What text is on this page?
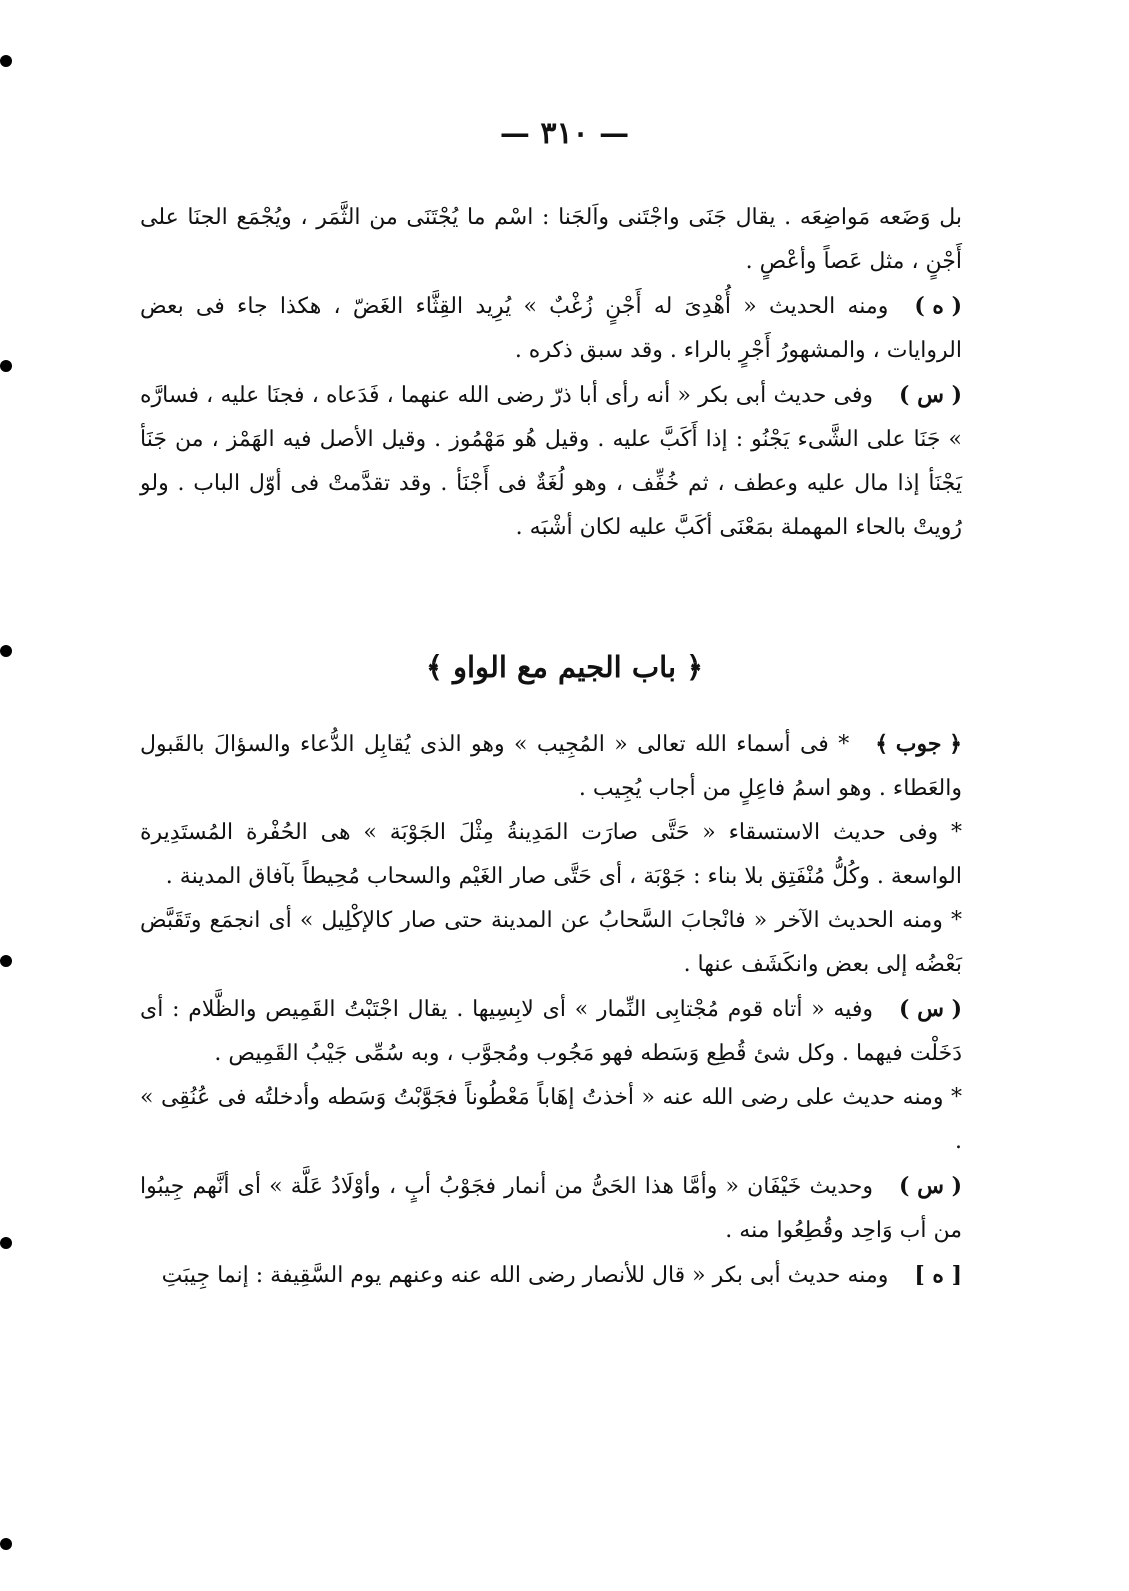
— ٣١٠ —

بل وَضَعه مَواضِعَه . يقال جَنَى واجْتَنى واَلجَنا : اسْم ما يُجْتَنَى من الثَّمَر ، ويُجْمَع الجنَا على أَجْنٍ ، مثل عَصاً وأعْصٍ .

( ه )ومنه الحديث « أُهْدِىَ له أَجْنٍ زُغْبٌ » يُرِيد القِثَّاء الغَضّ ، هكذا جاء فى بعض الروايات ، والمشهورُ أَجْرٍ بالراء . وقد سبق ذكره .

( س )وفى حديث أبى بكر « أنه رأى أبا ذرّ رضى الله عنهما ، فَدَعاه ، فجنَا عليه ، فسارَّه » جَنَا على الشَّىء يَجْنُو : إذا أَكَبَّ عليه . وقيل هُو مَهْمُوز . وقيل الأصل فيه الهَمْز ، من جَنَأ يَجْنَأ إذا مال عليه وعطف ، ثم خُفِّف ، وهو لُغَةٌ فى أَجْنَأ . وقد تقدَّمتْ فى أوّل الباب . ولو رُويتْ بالحاء المهملة بمَعْنَى أكَبَّ عليه لكان أشْبَه .

﴿ باب الجيم مع الواو ﴾

﴿ جوب ﴾* فى أسماء الله تعالى « المُجِيب » وهو الذى يُقابِل الدُّعاء والسؤالَ بالقَبول والعَطاء . وهو اسمُ فاعِلٍ من أجاب يُجِيب .

* وفى حديث الاستسقاء « حَتَّى صارَت المَدِينةُ مِثْلَ الجَوْبَة » هى الحُفْرة المُستَدِيرة الواسعة . وكُلُّ مُنْفَتِق بلا بناء : جَوْبَة ، أى حَتَّى صار الغَيْم والسحاب مُحِيطاً بآفاق المدينة .

* ومنه الحديث الآخر « فانْجابَ السَّحابُ عن المدينة حتى صار كالإكْلِيل » أى انجمَع وتَقَبَّض بَعْضُه إلى بعض وانكَشَف عنها .

( س )وفيه « أتاه قوم مُجْتابِى النِّمار » أى لابِسِيها . يقال اجْتَبْتُ القَمِيص والظَّلام : أى دَخَلْت فيهما . وكل شئ قُطِع وَسَطه فهو مَجُوب ومُجوَّب ، وبه سُمِّى جَيْبُ القَمِيص .

* ومنه حديث على رضى الله عنه « أخذتُ إهَاباً مَعْطُوناً فجَوَّبْتُ وَسَطه وأدخلتُه فى عُنُقِى » .

( س )وحديث خَيْفَان « وأمَّا هذا الحَىُّ من أنمار فجَوْبُ أبٍ ، وأوْلَادُ عَلَّة » أى أنَّهم جِيبُوا من أب وَاحِد وقُطِعُوا منه .

[ ه ]ومنه حديث أبى بكر « قال للأنصار رضى الله عنه وعنهم يوم السَّقِيفة : إنما جِيبَتِ
